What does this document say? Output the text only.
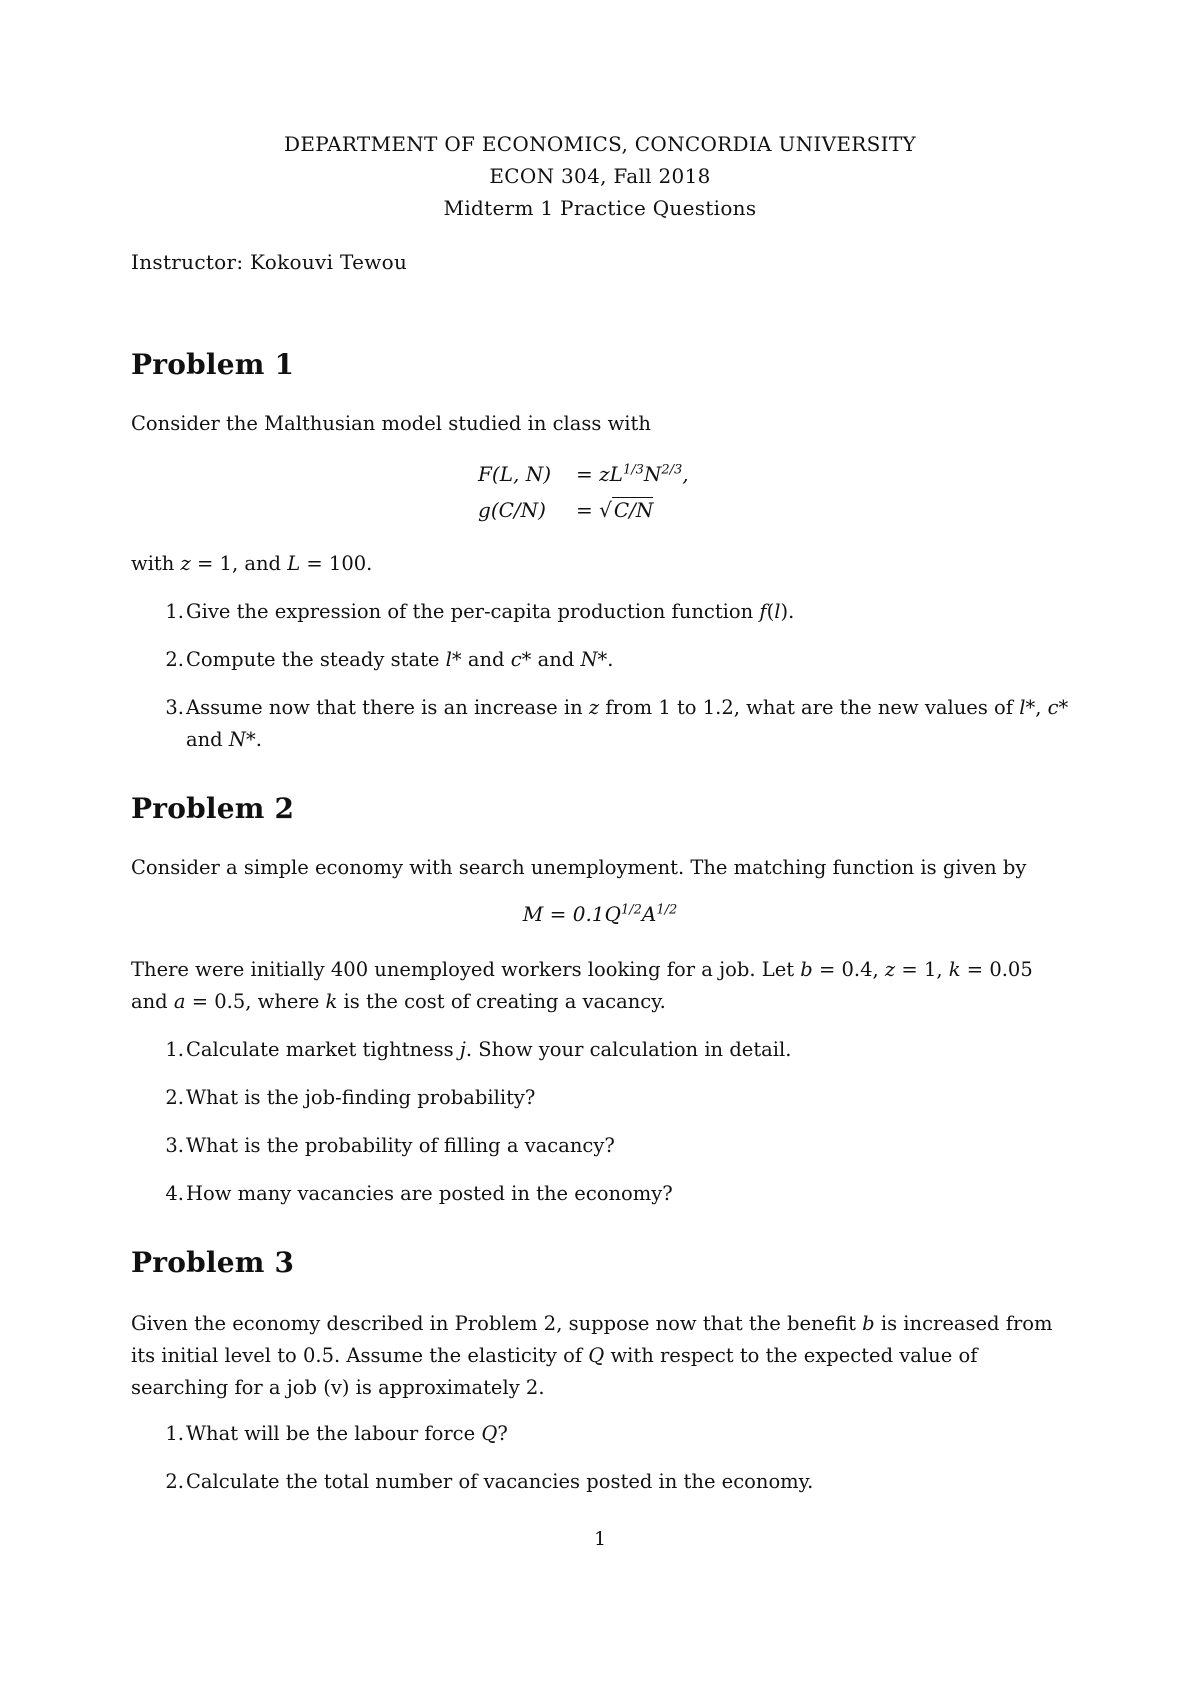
DEPARTMENT OF ECONOMICS, CONCORDIA UNIVERSITY
ECON 304, Fall 2018
Midterm 1 Practice Questions
Instructor: Kokouvi Tewou
Problem 1
Consider the Malthusian model studied in class with
F(L, $N) = zL^{1/3}N^{2/3}$,
g(C/N) = √ C/N
with z = 1, and L = 100.
1. Give the expression of the per-capita production function f(l).
2. Compute the steady state l* and c* and N*.
3. Assume now that there is an increase in z from 1 to 1.2, what are the new values of l*, c* and N*.
Problem 2
Consider a simple economy with search unemployment. The matching function is given by
$M = 0.1Q^{1/2}A^{1/2}$
There were initially 400 unemployed workers looking for a job. Let b = 0.4, z = 1, k = 0.05 and a = 0.5, where k is the cost of creating a vacancy.
1. Calculate market tightness j. Show your calculation in detail.
2. What is the job-finding probability?
3. What is the probability of filling a vacancy?
4. How many vacancies are posted in the economy?
Problem 3
Given the economy described in Problem 2, suppose now that the benefit b is increased from its initial level to 0.5. Assume the elasticity of Q with respect to the expected value of searching for a job (v) is approximately 2.
1. What will be the labour force Q?
2. Calculate the total number of vacancies posted in the economy.
1
